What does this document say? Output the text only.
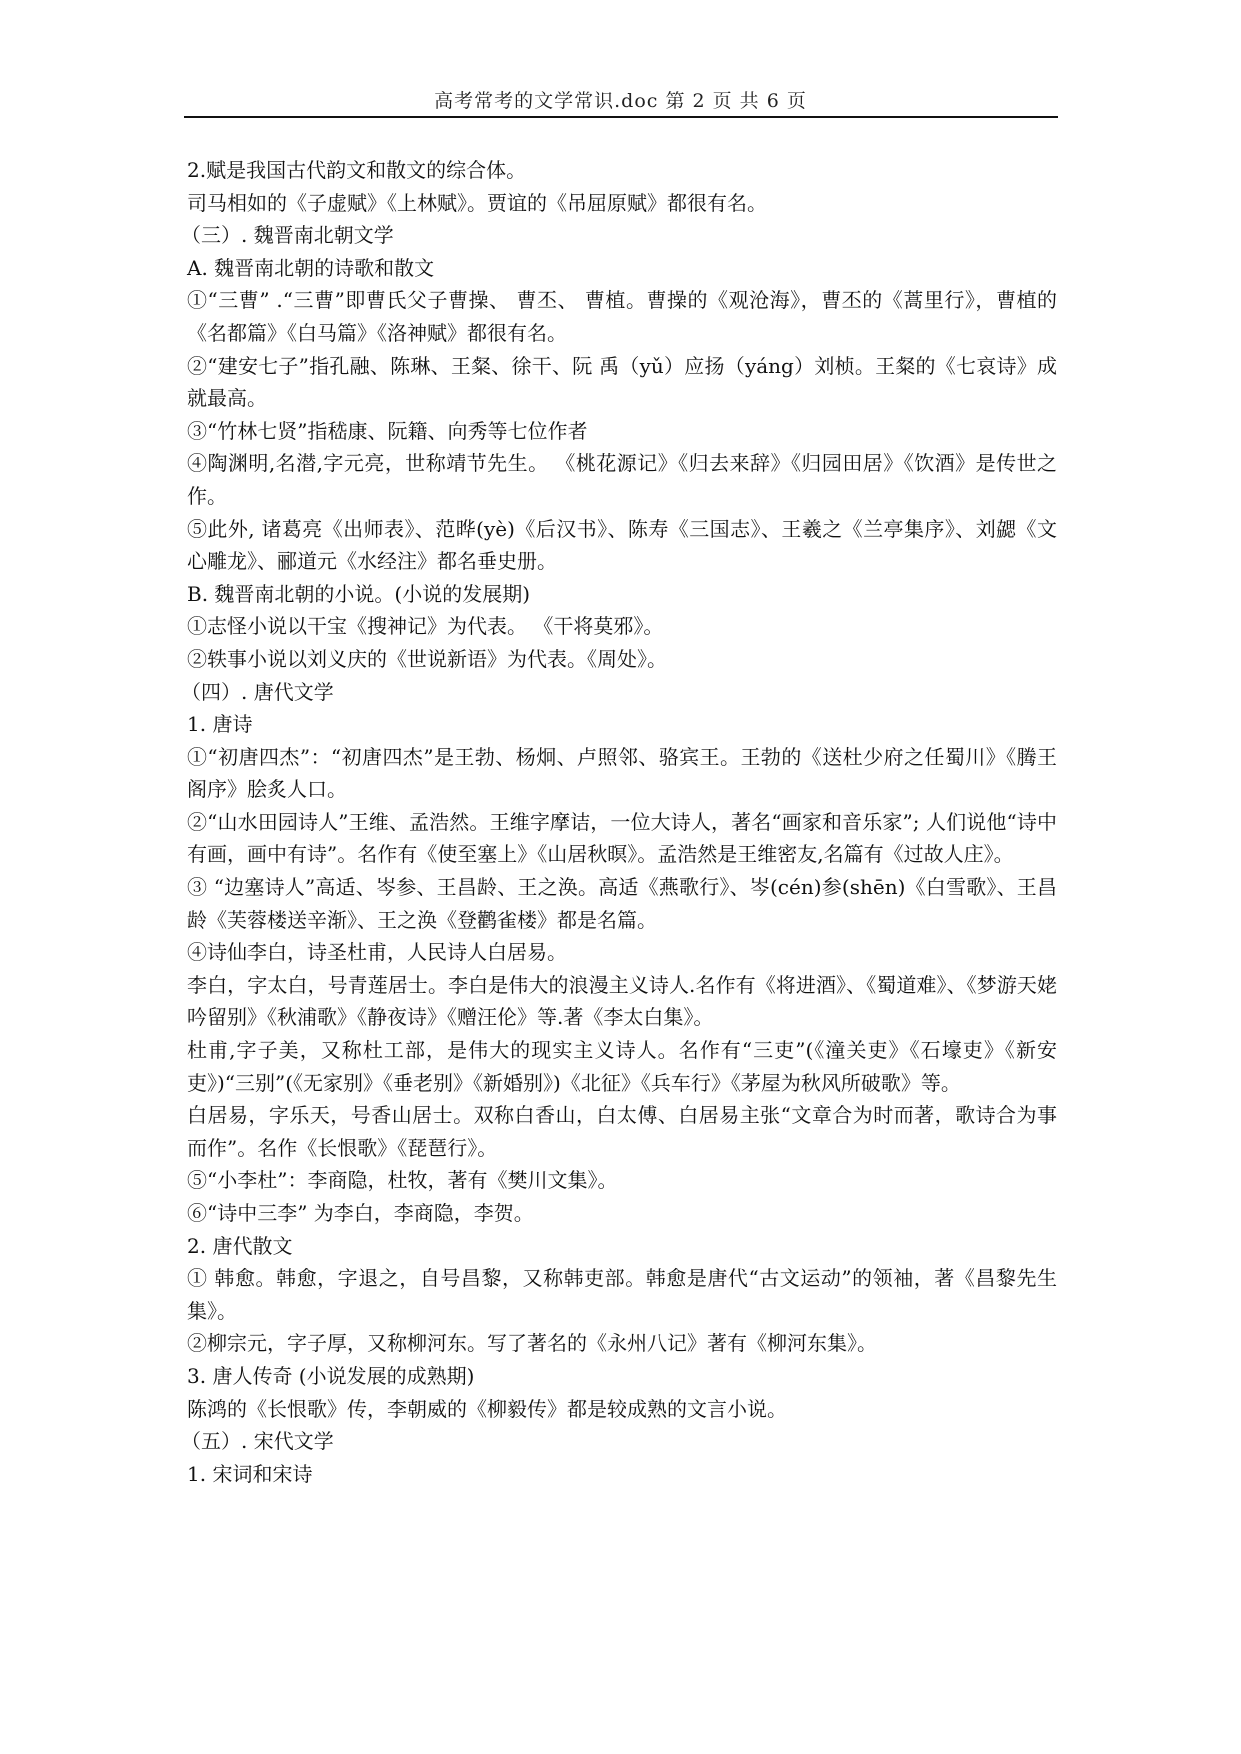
高考常考的文学常识.doc 第 2 页 共 6 页

2.赋是我国古代韵文和散文的综合体。

司马相如的《子虚赋》《上林赋》。贾谊的《吊屈原赋》都很有名。

（三）. 魏晋南北朝文学

A. 魏晋南北朝的诗歌和散文

①“三曹” .“三曹”即曹氏父子曹操、 曹丕、 曹植。曹操的《观沧海》，曹丕的《蒿里行》，曹植的《名都篇》《白马篇》《洛神赋》都很有名。

②“建安七子”指孔融、陈琳、王粲、徐干、阮 禹（yǔ）应扬（yáng）刘桢。王粲的《七哀诗》成就最高。

③“竹林七贤”指嵇康、阮籍、向秀等七位作者

④陶渊明,名潜,字元亮，世称靖节先生。 《桃花源记》《归去来辞》《归园田居》《饮酒》是传世之作。

⑤此外, 诸葛亮《出师表》、范晔(yè)《后汉书》、陈寿《三国志》、王羲之《兰亭集序》、刘勰《文心雕龙》、郦道元《水经注》都名垂史册。

B. 魏晋南北朝的小说。(小说的发展期)

①志怪小说以干宝《搜神记》为代表。 《干将莫邪》。

②轶事小说以刘义庆的《世说新语》为代表。《周处》。

（四）. 唐代文学

1. 唐诗

①“初唐四杰”：“初唐四杰”是王勃、杨炯、卢照邻、骆宾王。王勃的《送杜少府之任蜀川》《腾王阁序》脍炙人口。

②“山水田园诗人”王维、孟浩然。王维字摩诘，一位大诗人，著名“画家和音乐家”; 人们说他“诗中有画，画中有诗”。名作有《使至塞上》《山居秋暝》。孟浩然是王维密友,名篇有《过故人庄》。

③ “边塞诗人”高适、岑参、王昌龄、王之涣。高适《燕歌行》、岑(cén)参(shēn)《白雪歌》、王昌龄《芙蓉楼送辛渐》、王之涣《登鹳雀楼》都是名篇。

④诗仙李白，诗圣杜甫，人民诗人白居易。

李白，字太白，号青莲居士。李白是伟大的浪漫主义诗人.名作有《将进酒》、《蜀道难》、《梦游天姥吟留别》《秋浦歌》《静夜诗》《赠汪伦》等.著《李太白集》。

杜甫,字子美，又称杜工部，是伟大的现实主义诗人。名作有“三吏”(《潼关吏》《石壕吏》《新安吏》)“三别”(《无家别》《垂老别》《新婚别》)《北征》《兵车行》《茅屋为秋风所破歌》等。

白居易，字乐天，号香山居士。双称白香山，白太傅、白居易主张“文章合为时而著，歌诗合为事而作”。名作《长恨歌》《琵琶行》。

⑤“小李杜”：李商隐，杜牧，著有《樊川文集》。

⑥“诗中三李” 为李白，李商隐，李贺。

2. 唐代散文

① 韩愈。韩愈，字退之，自号昌黎，又称韩吏部。韩愈是唐代“古文运动”的领袖，著《昌黎先生集》。

②柳宗元，字子厚，又称柳河东。写了著名的《永州八记》著有《柳河东集》。

3. 唐人传奇 (小说发展的成熟期)

陈鸿的《长恨歌》传，李朝威的《柳毅传》都是较成熟的文言小说。

（五）. 宋代文学

1. 宋词和宋诗
